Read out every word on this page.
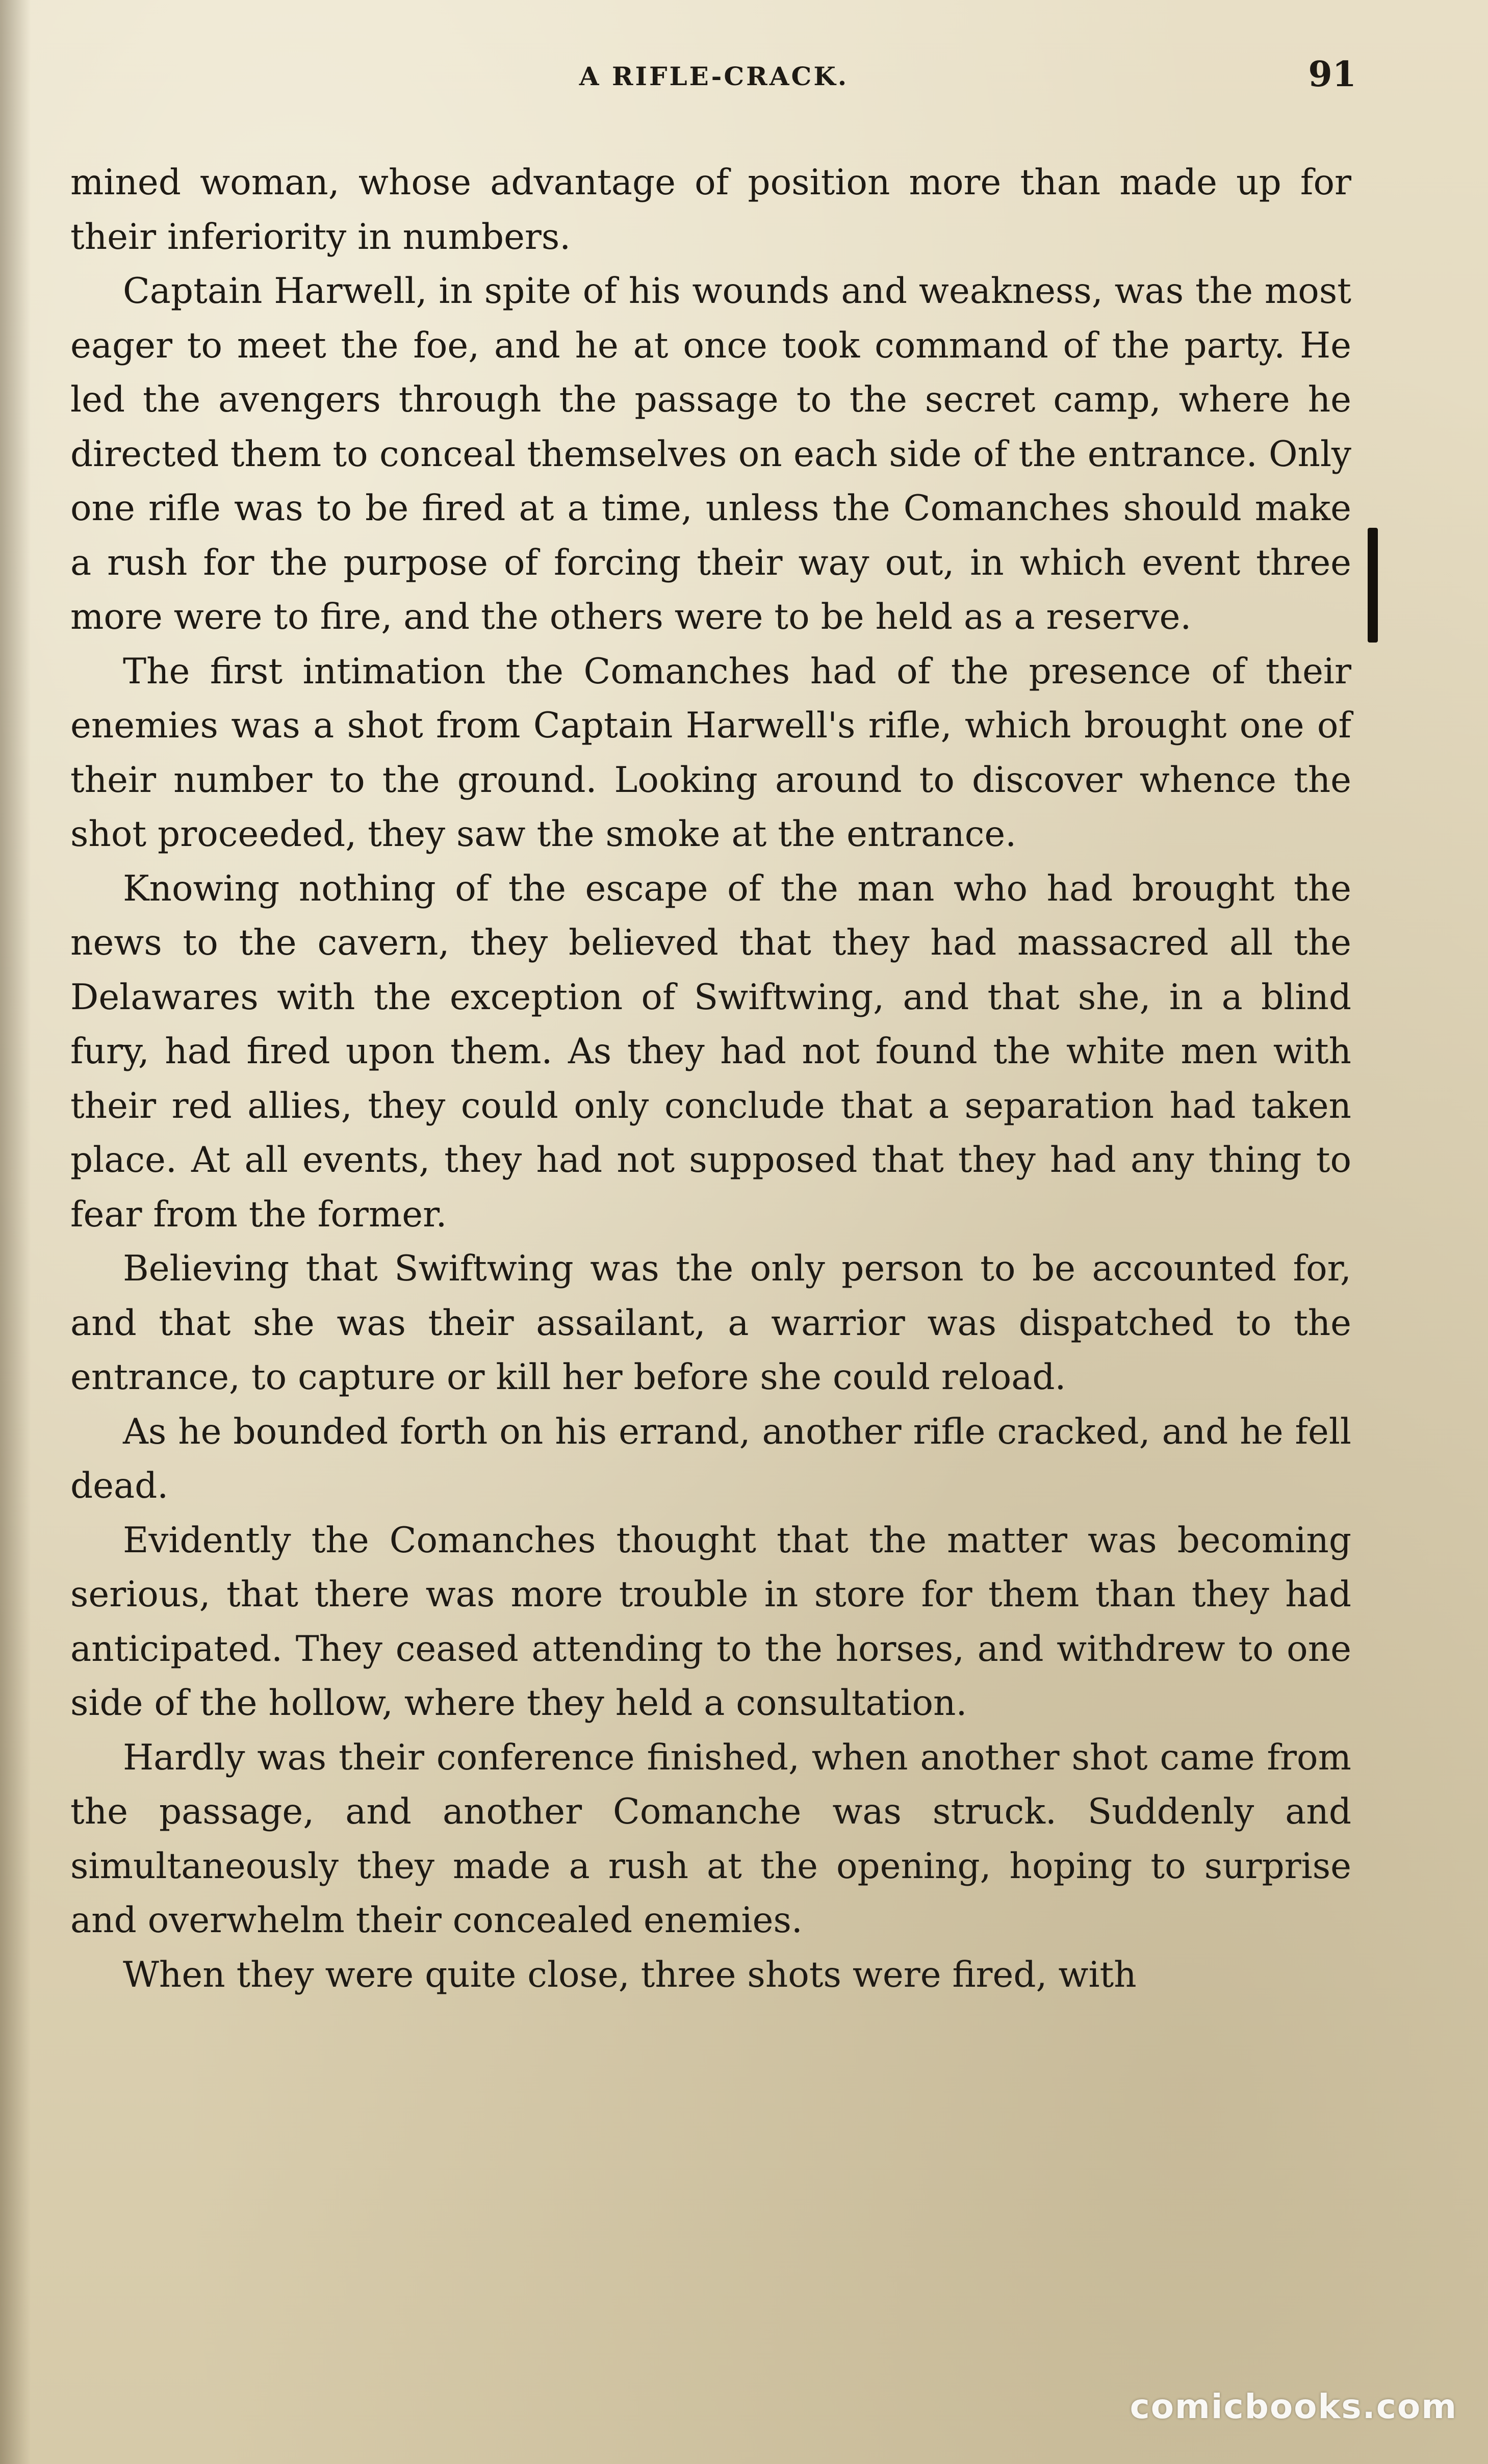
A RIFLE-CRACK.	91

mined woman, whose advantage of position more than made up for their inferiority in numbers.

Captain Harwell, in spite of his wounds and weakness, was the most eager to meet the foe, and he at once took command of the party. He led the avengers through the passage to the secret camp, where he directed them to conceal themselves on each side of the entrance. Only one rifle was to be fired at a time, unless the Comanches should make a rush for the purpose of forcing their way out, in which event three more were to fire, and the others were to be held as a reserve.

The first intimation the Comanches had of the presence of their enemies was a shot from Captain Harwell's rifle, which brought one of their number to the ground. Looking around to discover whence the shot proceeded, they saw the smoke at the entrance.

Knowing nothing of the escape of the man who had brought the news to the cavern, they believed that they had massacred all the Delawares with the exception of Swiftwing, and that she, in a blind fury, had fired upon them. As they had not found the white men with their red allies, they could only conclude that a separation had taken place. At all events, they had not supposed that they had any thing to fear from the former.

Believing that Swiftwing was the only person to be accounted for, and that she was their assailant, a warrior was dispatched to the entrance, to capture or kill her before she could reload.

As he bounded forth on his errand, another rifle cracked, and he fell dead.

Evidently the Comanches thought that the matter was becoming serious, that there was more trouble in store for them than they had anticipated. They ceased attending to the horses, and withdrew to one side of the hollow, where they held a consultation.

Hardly was their conference finished, when another shot came from the passage, and another Comanche was struck. Suddenly and simultaneously they made a rush at the opening, hoping to surprise and overwhelm their concealed enemies.

When they were quite close, three shots were fired, with

comicbooks.com
